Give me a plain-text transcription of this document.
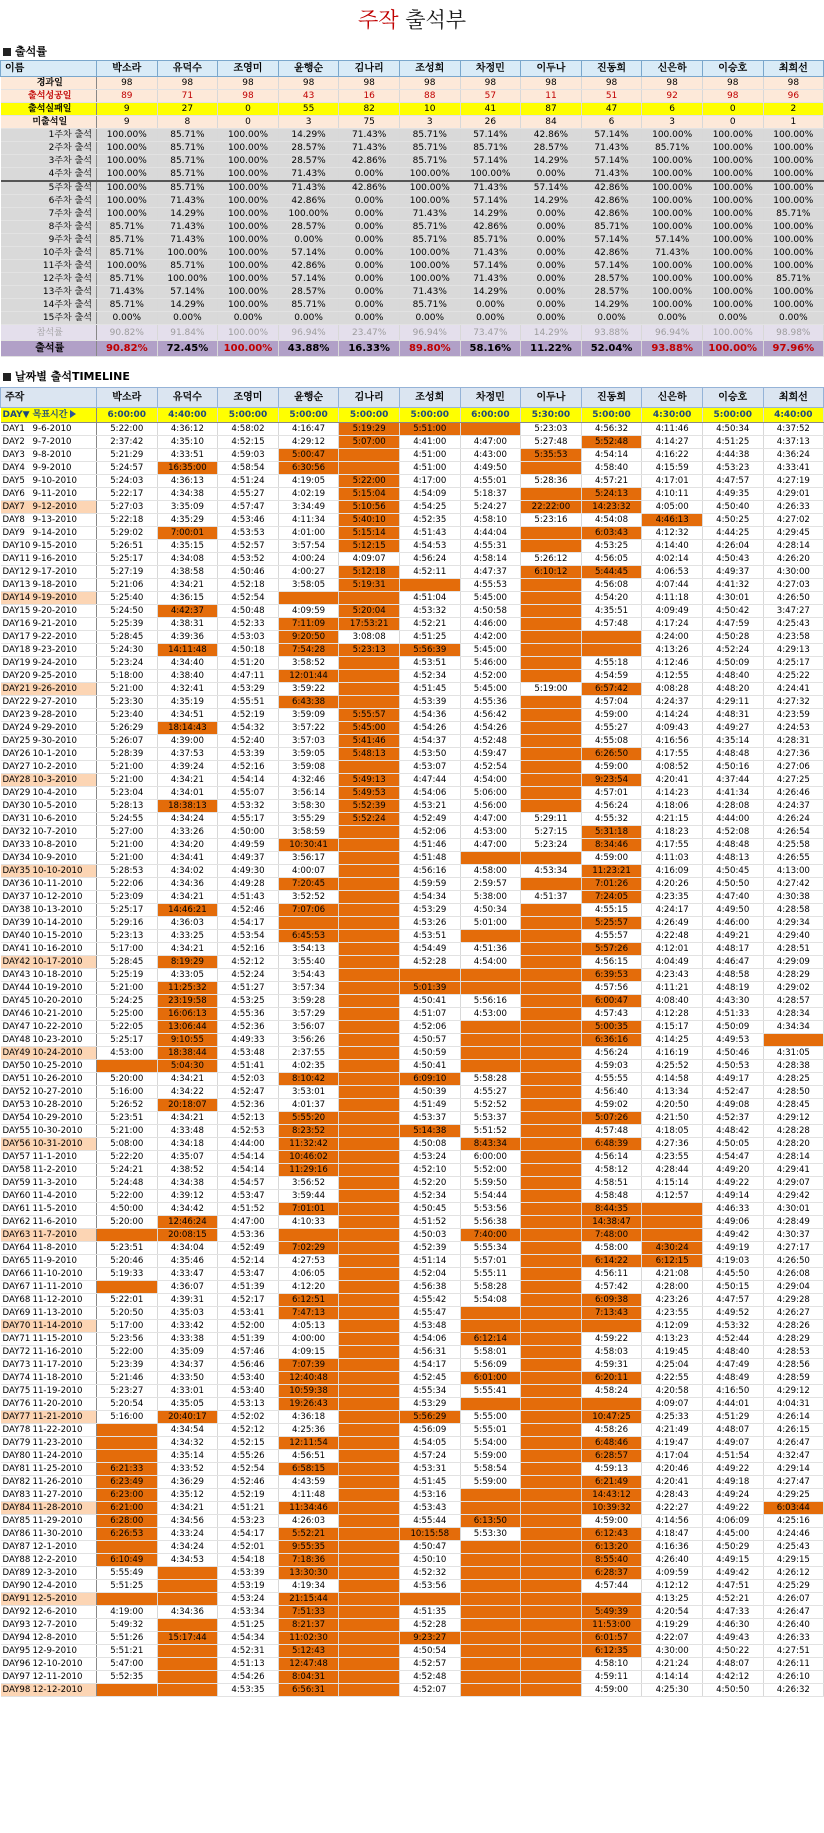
주작 출석부
출석률
이름	박소라	유덕수	조영미	윤행순	김나리	조성희	차정민	이두나	진동희	신은하	이승호	최희선
경과일	98	98	98	98	98	98	98	98	98	98	98	98
출석성공일	89	71	98	43	16	88	57	11	51	92	98	96
출석실패일	9	27	0	55	82	10	41	87	47	6	0	2
미출석일	9	8	0	3	75	3	26	84	6	3	0	1
1주차 출석	100.00%	85.71%	100.00%	14.29%	71.43%	85.71%	57.14%	42.86%	57.14%	100.00%	100.00%	100.00%
2주차 출석	100.00%	85.71%	100.00%	28.57%	71.43%	85.71%	85.71%	28.57%	71.43%	85.71%	100.00%	100.00%
3주차 출석	100.00%	85.71%	100.00%	28.57%	42.86%	85.71%	57.14%	14.29%	57.14%	100.00%	100.00%	100.00%
4주차 출석	100.00%	85.71%	100.00%	71.43%	0.00%	100.00%	100.00%	0.00%	71.43%	100.00%	100.00%	100.00%
5주차 출석	100.00%	85.71%	100.00%	71.43%	42.86%	100.00%	71.43%	57.14%	42.86%	100.00%	100.00%	100.00%
6주차 출석	100.00%	71.43%	100.00%	42.86%	0.00%	100.00%	57.14%	14.29%	42.86%	100.00%	100.00%	100.00%
7주차 출석	100.00%	14.29%	100.00%	100.00%	0.00%	71.43%	14.29%	0.00%	42.86%	100.00%	100.00%	85.71%
8주차 출석	85.71%	71.43%	100.00%	28.57%	0.00%	85.71%	42.86%	0.00%	85.71%	100.00%	100.00%	100.00%
9주차 출석	85.71%	71.43%	100.00%	0.00%	0.00%	85.71%	85.71%	0.00%	57.14%	57.14%	100.00%	100.00%
10주차 출석	85.71%	100.00%	100.00%	57.14%	0.00%	100.00%	71.43%	0.00%	42.86%	71.43%	100.00%	100.00%
11주차 출석	100.00%	85.71%	100.00%	42.86%	0.00%	100.00%	57.14%	0.00%	57.14%	100.00%	100.00%	100.00%
12주차 출석	85.71%	100.00%	100.00%	57.14%	0.00%	100.00%	71.43%	0.00%	28.57%	100.00%	100.00%	85.71%
13주차 출석	71.43%	57.14%	100.00%	28.57%	0.00%	71.43%	14.29%	0.00%	28.57%	100.00%	100.00%	100.00%
14주차 출석	85.71%	14.29%	100.00%	85.71%	0.00%	85.71%	0.00%	0.00%	14.29%	100.00%	100.00%	100.00%
15주차 출석	0.00%	0.00%	0.00%	0.00%	0.00%	0.00%	0.00%	0.00%	0.00%	0.00%	0.00%	0.00%
참석률	90.82%	91.84%	100.00%	96.94%	23.47%	96.94%	73.47%	14.29%	93.88%	96.94%	100.00%	98.98%
출석률	90.82%	72.45%	100.00%	43.88%	16.33%	89.80%	58.16%	11.22%	52.04%	93.88%	100.00%	97.96%
날짜별 출석TIMELINE
주작	박소라	유덕수	조영미	윤행순	김나리	조성희	차정민	이두나	진동희	신은하	이승호	최희선
DAY▼ 목표시간	6:00:00	4:40:00	5:00:00	5:00:00	5:00:00	5:00:00	6:00:00	5:30:00	5:00:00	4:30:00	5:00:00	4:40:00
DAY1 9-6-2010	5:22:00	4:36:12	4:58:02	4:16:47	5:19:29	5:51:00		5:23:03	4:56:32	4:11:46	4:50:34	4:37:52
DAY2 9-7-2010	2:37:42	4:35:10	4:52:15	4:29:12	5:07:00	4:41:00	4:47:00	5:27:48	5:52:48	4:14:27	4:51:25	4:37:13
DAY3 9-8-2010	5:21:29	4:33:51	4:59:03	5:00:47		4:51:00	4:43:00	5:35:53	4:54:14	4:16:22	4:44:38	4:36:24
DAY4 9-9-2010	5:24:57	16:35:00	4:58:54	6:30:56		4:51:00	4:49:50		4:58:40	4:15:59	4:53:23	4:33:41
DAY5 9-10-2010	5:24:03	4:36:13	4:51:24	4:19:05	5:22:00	4:17:00	4:55:01	5:28:36	4:57:21	4:17:01	4:47:57	4:27:19
DAY6 9-11-2010	5:22:17	4:34:38	4:55:27	4:02:19	5:15:04	4:54:09	5:18:37		5:24:13	4:10:11	4:49:35	4:29:01
DAY7 9-12-2010	5:27:03	3:35:09	4:57:47	3:34:49	5:10:56	4:54:25	5:24:27	22:22:00	14:23:32	4:05:00	4:50:40	4:26:33
DAY8 9-13-2010	5:22:18	4:35:29	4:53:46	4:11:34	5:40:10	4:52:35	4:58:10	5:23:16	4:54:08	4:46:13	4:50:25	4:27:02
DAY9 9-14-2010	5:29:02	7:00:01	4:53:53	4:01:00	5:15:14	4:51:43	4:44:04		6:03:43	4:12:32	4:44:25	4:29:45
DAY10 9-15-2010	5:26:51	4:35:15	4:52:57	3:57:54	5:12:15	4:54:53	4:55:31		4:53:25	4:14:40	4:26:04	4:28:14
DAY11 9-16-2010	5:25:17	4:34:08	4:53:52	4:00:24	4:09:07	4:56:24	4:58:14	5:26:12	4:56:05	4:02:14	4:50:43	4:26:20
DAY12 9-17-2010	5:27:19	4:38:58	4:50:46	4:00:27	5:12:18	4:52:11	4:47:37	6:10:12	5:44:45	4:06:53	4:49:37	4:30:00
DAY13 9-18-2010	5:21:06	4:34:21	4:52:18	3:58:05	5:19:31		4:55:53		4:56:08	4:07:44	4:41:32	4:27:03
DAY14 9-19-2010	5:25:40	4:36:15	4:52:54			4:51:04	5:45:00		4:54:20	4:11:18	4:30:01	4:26:50
DAY15 9-20-2010	5:24:50	4:42:37	4:50:48	4:09:59	5:20:04	4:53:32	4:50:58		4:35:51	4:09:49	4:50:42	3:47:27
DAY16 9-21-2010	5:25:39	4:38:31	4:52:33	7:11:09	17:53:21	4:52:21	4:46:00		4:57:48	4:17:24	4:47:59	4:25:43
DAY17 9-22-2010	5:28:45	4:39:36	4:53:03	9:20:50	3:08:08	4:51:25	4:42:00			4:24:00	4:50:28	4:23:58
DAY18 9-23-2010	5:24:30	14:11:48	4:50:18	7:54:28	5:23:13	5:56:39	5:45:00			4:13:26	4:52:24	4:29:13
DAY19 9-24-2010	5:23:24	4:34:40	4:51:20	3:58:52		4:53:51	5:46:00		4:55:18	4:12:46	4:50:09	4:25:17
DAY20 9-25-2010	5:18:00	4:38:40	4:47:11	12:01:44		4:52:34	4:52:00		4:54:59	4:12:55	4:48:40	4:25:22
DAY21 9-26-2010	5:21:00	4:32:41	4:53:29	3:59:22		4:51:45	5:45:00	5:19:00	6:57:42	4:08:28	4:48:20	4:24:41
DAY22 9-27-2010	5:23:30	4:35:19	4:55:51	6:43:38		4:53:39	4:55:36		4:57:04	4:24:37	4:29:11	4:27:32
DAY23 9-28-2010	5:23:40	4:34:51	4:52:19	3:59:09	5:55:57	4:54:36	4:56:42		4:59:00	4:14:24	4:48:31	4:23:59
DAY24 9-29-2010	5:26:29	18:14:43	4:54:32	3:57:22	5:45:00	4:54:26	4:54:26		4:55:27	4:09:43	4:49:27	4:24:53
DAY25 9-30-2010	5:26:07	4:39:00	4:52:40	3:57:03	5:41:46	4:54:37	4:52:48		4:55:08	4:16:56	4:35:14	4:28:31
DAY26 10-1-2010	5:28:39	4:37:53	4:53:39	3:59:05	5:48:13	4:53:50	4:59:47		6:26:50	4:17:55	4:48:48	4:27:36
DAY27 10-2-2010	5:21:00	4:39:24	4:52:16	3:59:08		4:53:07	4:52:54		4:59:00	4:08:52	4:50:16	4:27:06
DAY28 10-3-2010	5:21:00	4:34:21	4:54:14	4:32:46	5:49:13	4:47:44	4:54:00		9:23:54	4:20:41	4:37:44	4:27:25
DAY29 10-4-2010	5:23:04	4:34:01	4:55:07	3:56:14	5:49:53	4:54:06	5:06:00		4:57:01	4:14:23	4:41:34	4:26:46
DAY30 10-5-2010	5:28:13	18:38:13	4:53:32	3:58:30	5:52:39	4:53:21	4:56:00		4:56:24	4:18:06	4:28:08	4:24:37
DAY31 10-6-2010	5:24:55	4:34:24	4:55:17	3:55:29	5:52:24	4:52:49	4:47:00	5:29:11	4:55:32	4:21:15	4:44:00	4:26:24
DAY32 10-7-2010	5:27:00	4:33:26	4:50:00	3:58:59		4:52:06	4:53:00	5:27:15	5:31:18	4:18:23	4:52:08	4:26:54
DAY33 10-8-2010	5:21:00	4:34:20	4:49:59	10:30:41		4:51:46	4:47:00	5:23:24	8:34:46	4:17:55	4:48:48	4:25:58
DAY34 10-9-2010	5:21:00	4:34:41	4:49:37	3:56:17		4:51:48			4:59:00	4:11:03	4:48:13	4:26:55
DAY35 10-10-2010	5:28:53	4:34:02	4:49:30	4:00:07		4:56:16	4:58:00	4:53:34	11:23:21	4:16:09	4:50:45	4:13:00
DAY36 10-11-2010	5:22:06	4:34:36	4:49:28	7:20:45		4:59:59	2:59:57		7:01:26	4:20:26	4:50:50	4:27:42
DAY37 10-12-2010	5:23:09	4:34:21	4:51:43	3:52:52		4:54:34	5:38:00	4:51:37	7:24:05	4:23:35	4:47:40	4:30:38
DAY38 10-13-2010	5:25:17	14:46:21	4:52:46	7:07:06		4:53:29	4:50:34		4:55:15	4:24:17	4:49:50	4:28:58
DAY39 10-14-2010	5:29:16	4:36:03	4:54:17			4:53:26	5:01:00		5:25:57	4:26:49	4:46:00	4:29:34
DAY40 10-15-2010	5:23:13	4:33:25	4:53:54	6:45:53		4:53:51			4:55:57	4:22:48	4:49:21	4:29:40
DAY41 10-16-2010	5:17:00	4:34:21	4:52:16	3:54:13		4:54:49	4:51:36		5:57:26	4:12:01	4:48:17	4:28:51
DAY42 10-17-2010	5:28:45	8:19:29	4:52:12	3:55:40		4:52:28	4:54:00		4:56:15	4:04:49	4:46:47	4:29:09
DAY43 10-18-2010	5:25:19	4:33:05	4:52:24	3:54:43					6:39:53	4:23:43	4:48:58	4:28:29
DAY44 10-19-2010	5:21:00	11:25:32	4:51:27	3:57:34		5:01:39			4:57:56	4:11:21	4:48:19	4:29:02
DAY45 10-20-2010	5:24:25	23:19:58	4:53:25	3:59:28		4:50:41	5:56:16		6:00:47	4:08:40	4:43:30	4:28:57
DAY46 10-21-2010	5:25:00	16:06:13	4:55:36	3:57:29		4:51:07	4:53:00		4:57:43	4:12:28	4:51:33	4:28:34
DAY47 10-22-2010	5:22:05	13:06:44	4:52:36	3:56:07		4:52:06			5:00:35	4:15:17	4:50:09	4:34:34
DAY48 10-23-2010	5:25:17	9:10:55	4:49:33	3:56:26		4:50:57			6:36:16	4:14:25	4:49:53	
DAY49 10-24-2010	4:53:00	18:38:44	4:53:48	2:37:55		4:50:59			4:56:24	4:16:19	4:50:46	4:31:05
DAY50 10-25-2010		5:04:30	4:51:41	4:02:35		4:50:41			4:59:03	4:25:52	4:50:53	4:28:38
DAY51 10-26-2010	5:20:00	4:34:21	4:52:03	8:10:42		6:09:10	5:58:28		4:55:55	4:14:58	4:49:17	4:28:25
DAY52 10-27-2010	5:16:00	4:34:22	4:52:47	3:53:01		4:50:39	4:55:27		4:56:40	4:13:34	4:52:47	4:28:50
DAY53 10-28-2010	5:26:52	20:18:07	4:52:36	4:01:37		4:51:49	5:52:52		4:59:02	4:20:50	4:49:08	4:28:45
DAY54 10-29-2010	5:23:51	4:34:21	4:52:13	5:55:20		4:53:37	5:53:37		5:07:26	4:21:50	4:52:37	4:29:12
DAY55 10-30-2010	5:21:00	4:33:48	4:52:53	8:23:52		5:14:38	5:51:52		4:57:48	4:18:05	4:48:42	4:28:28
DAY56 10-31-2010	5:08:00	4:34:18	4:44:00	11:32:42		4:50:08	8:43:34		6:48:39	4:27:36	4:50:05	4:28:20
DAY57 11-1-2010	5:22:20	4:35:07	4:54:14	10:46:02		4:53:24	6:00:00		4:56:14	4:23:55	4:54:47	4:28:14
DAY58 11-2-2010	5:24:21	4:38:52	4:54:14	11:29:16		4:52:10	5:52:00		4:58:12	4:28:44	4:49:20	4:29:41
DAY59 11-3-2010	5:24:48	4:34:38	4:54:57	3:56:52		4:52:20	5:59:50		4:58:51	4:15:14	4:49:22	4:29:07
DAY60 11-4-2010	5:22:00	4:39:12	4:53:47	3:59:44		4:52:34	5:54:44		4:58:48	4:12:57	4:49:14	4:29:42
DAY61 11-5-2010	4:50:00	4:34:42	4:51:52	7:01:01		4:50:45	5:53:56		8:44:35		4:46:33	4:30:01
DAY62 11-6-2010	5:20:00	12:46:24	4:47:00	4:10:33		4:51:52	5:56:38		14:38:47		4:49:06	4:28:49
DAY63 11-7-2010		20:08:15	4:53:36			4:50:03	7:40:00		7:48:00		4:49:42	4:30:37
DAY64 11-8-2010	5:23:51	4:34:04	4:52:49	7:02:29		4:52:39	5:55:34		4:58:00	4:30:24	4:49:19	4:27:17
DAY65 11-9-2010	5:20:46	4:35:46	4:52:14	4:27:53		4:51:14	5:57:01		6:14:22	6:12:15	4:19:03	4:26:50
DAY66 11-10-2010	5:19:33	4:33:47	4:53:47	4:06:05		4:52:04	5:55:11		4:56:11	4:21:08	4:45:50	4:26:08
DAY67 11-11-2010		4:36:07	4:51:39	4:12:20		4:56:38	5:58:28		4:57:42	4:28:00	4:50:15	4:29:04
DAY68 11-12-2010	5:22:01	4:39:31	4:52:17	6:12:51		4:55:42	5:54:08		6:09:38	4:23:26	4:47:57	4:29:28
DAY69 11-13-2010	5:20:50	4:35:03	4:53:41	7:47:13		4:55:47			7:13:43	4:23:55	4:49:52	4:26:27
DAY70 11-14-2010	5:17:00	4:33:42	4:52:00	4:05:13		4:53:48				4:12:09	4:53:32	4:28:26
DAY71 11-15-2010	5:23:56	4:33:38	4:51:39	4:00:00		4:54:06	6:12:14		4:59:22	4:13:23	4:52:44	4:28:29
DAY72 11-16-2010	5:22:00	4:35:09	4:57:46	4:09:15		4:56:31	5:58:01		4:58:03	4:19:45	4:48:40	4:28:53
DAY73 11-17-2010	5:23:39	4:34:37	4:56:46	7:07:39		4:54:17	5:56:09		4:59:31	4:25:04	4:47:49	4:28:56
DAY74 11-18-2010	5:21:46	4:33:50	4:53:40	12:40:48		4:52:45	6:01:00		6:20:11	4:22:55	4:48:49	4:28:59
DAY75 11-19-2010	5:23:27	4:33:01	4:53:40	10:59:38		4:55:34	5:55:41		4:58:24	4:20:58	4:16:50	4:29:12
DAY76 11-20-2010	5:20:54	4:35:05	4:53:13	19:26:43		4:53:29				4:09:07	4:44:01	4:04:31
DAY77 11-21-2010	5:16:00	20:40:17	4:52:02	4:36:18		5:56:29	5:55:00		10:47:25	4:25:33	4:51:29	4:26:14
DAY78 11-22-2010		4:34:54	4:52:12	4:25:36		4:56:09	5:55:01		4:58:26	4:21:49	4:48:07	4:26:15
DAY79 11-23-2010		4:34:32	4:52:15	12:11:54		4:54:05	5:54:00		6:48:46	4:19:47	4:49:07	4:26:47
DAY80 11-24-2010		4:35:14	4:55:26	4:56:51		4:57:24	5:59:00		6:28:57	4:17:04	4:51:54	4:32:47
DAY81 11-25-2010	6:21:33	4:33:52	4:52:54	6:58:15		4:53:31	5:58:54		4:59:13	4:20:46	4:49:22	4:29:14
DAY82 11-26-2010	6:23:49	4:36:29	4:52:46	4:43:59		4:51:45	5:59:00		6:21:49	4:20:41	4:49:18	4:27:47
DAY83 11-27-2010	6:23:00	4:35:12	4:52:19	4:11:48		4:53:16			14:43:12	4:28:43	4:49:24	4:29:25
DAY84 11-28-2010	6:21:00	4:34:21	4:51:21	11:34:46		4:53:43			10:39:32	4:22:27	4:49:22	6:03:44
DAY85 11-29-2010	6:28:00	4:34:56	4:53:23	4:26:03		4:55:44	6:13:50		4:59:00	4:14:56	4:06:09	4:25:16
DAY86 11-30-2010	6:26:53	4:33:24	4:54:17	5:52:21		10:15:58	5:53:30		6:12:43	4:18:47	4:45:00	4:24:46
DAY87 12-1-2010		4:34:24	4:52:01	9:55:35		4:50:47			6:13:20	4:16:36	4:50:29	4:25:43
DAY88 12-2-2010	6:10:49	4:34:53	4:54:18	7:18:36		4:50:10			8:55:40	4:26:40	4:49:15	4:29:15
DAY89 12-3-2010	5:55:49		4:53:39	13:30:30		4:52:32			6:28:37	4:09:59	4:49:42	4:26:12
DAY90 12-4-2010	5:51:25		4:53:19	4:19:34		4:53:56			4:57:44	4:12:12	4:47:51	4:25:29
DAY91 12-5-2010			4:53:24	21:15:44						4:13:25	4:52:21	4:26:07
DAY92 12-6-2010	4:19:00	4:34:36	4:53:34	7:51:33		4:51:35			5:49:39	4:20:54	4:47:33	4:26:47
DAY93 12-7-2010	5:49:32		4:51:25	8:21:37		4:52:28			11:53:00	4:19:29	4:46:30	4:26:40
DAY94 12-8-2010	5:51:26	15:17:44	4:54:34	11:02:30		9:23:27			6:01:57	4:22:07	4:49:43	4:26:33
DAY95 12-9-2010	5:51:21		4:52:31	5:12:43		4:50:54			6:12:35	4:30:00	4:50:22	4:27:51
DAY96 12-10-2010	5:47:00		4:51:13	12:47:48		4:52:57			4:58:10	4:21:24	4:48:07	4:26:11
DAY97 12-11-2010	5:52:35		4:54:26	8:04:31		4:52:48			4:59:11	4:14:14	4:42:12	4:26:10
DAY98 12-12-2010			4:53:35	6:56:31		4:52:07			4:59:00	4:25:30	4:50:50	4:26:32
